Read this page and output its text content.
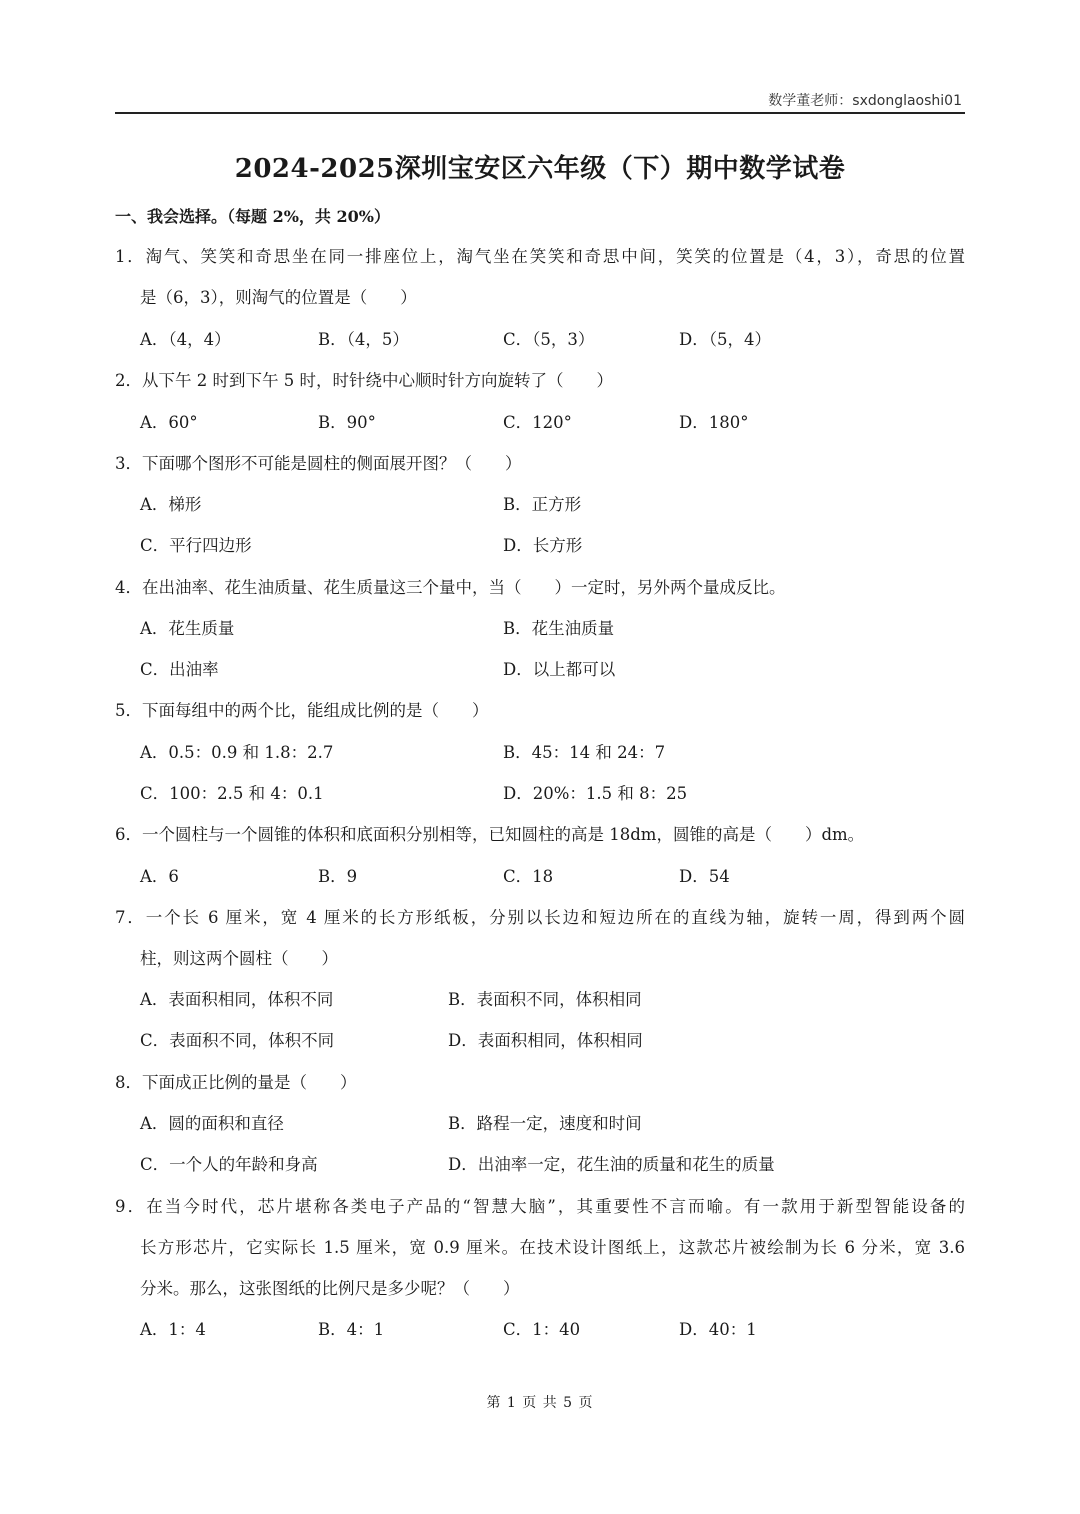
数学董老师：sxdonglaoshi01
2024-2025深圳宝安区六年级（下）期中数学试卷
一、我会选择。（每题 2%，共 20%）
1．淘气、笑笑和奇思坐在同一排座位上，淘气坐在笑笑和奇思中间，笑笑的位置是（4，3），奇思的位置
是（6，3），则淘气的位置是（　　）
A．（4，4）	B．（4，5）	C．（5，3）	D．（5，4）
2．从下午 2 时到下午 5 时，时针绕中心顺时针方向旋转了（　　）
A．60°	B．90°	C．120°	D．180°
3．下面哪个图形不可能是圆柱的侧面展开图？（　　）
A．梯形	B．正方形
C．平行四边形	D．长方形
4．在出油率、花生油质量、花生质量这三个量中，当（　　）一定时，另外两个量成反比。
A．花生质量	B．花生油质量
C．出油率	D．以上都可以
5．下面每组中的两个比，能组成比例的是（　　）
A．0.5：0.9 和 1.8：2.7	B．45：14 和 24：7
C．100：2.5 和 4：0.1	D．20%：1.5 和 8：25
6．一个圆柱与一个圆锥的体积和底面积分别相等，已知圆柱的高是 18dm，圆锥的高是（　　）dm。
A．6	B．9	C．18	D．54
7．一个长 6 厘米，宽 4 厘米的长方形纸板，分别以长边和短边所在的直线为轴，旋转一周，得到两个圆
柱，则这两个圆柱（　　）
A．表面积相同，体积不同	B．表面积不同，体积相同
C．表面积不同，体积不同	D．表面积相同，体积相同
8．下面成正比例的量是（　　）
A．圆的面积和直径	B．路程一定，速度和时间
C．一个人的年龄和身高	D．出油率一定，花生油的质量和花生的质量
9．在当今时代，芯片堪称各类电子产品的“智慧大脑”，其重要性不言而喻。有一款用于新型智能设备的
长方形芯片，它实际长 1.5 厘米，宽 0.9 厘米。在技术设计图纸上，这款芯片被绘制为长 6 分米，宽 3.6
分米。那么，这张图纸的比例尺是多少呢？（　　）
A．1：4	B．4：1	C．1：40	D．40：1
第 1 页 共 5 页
